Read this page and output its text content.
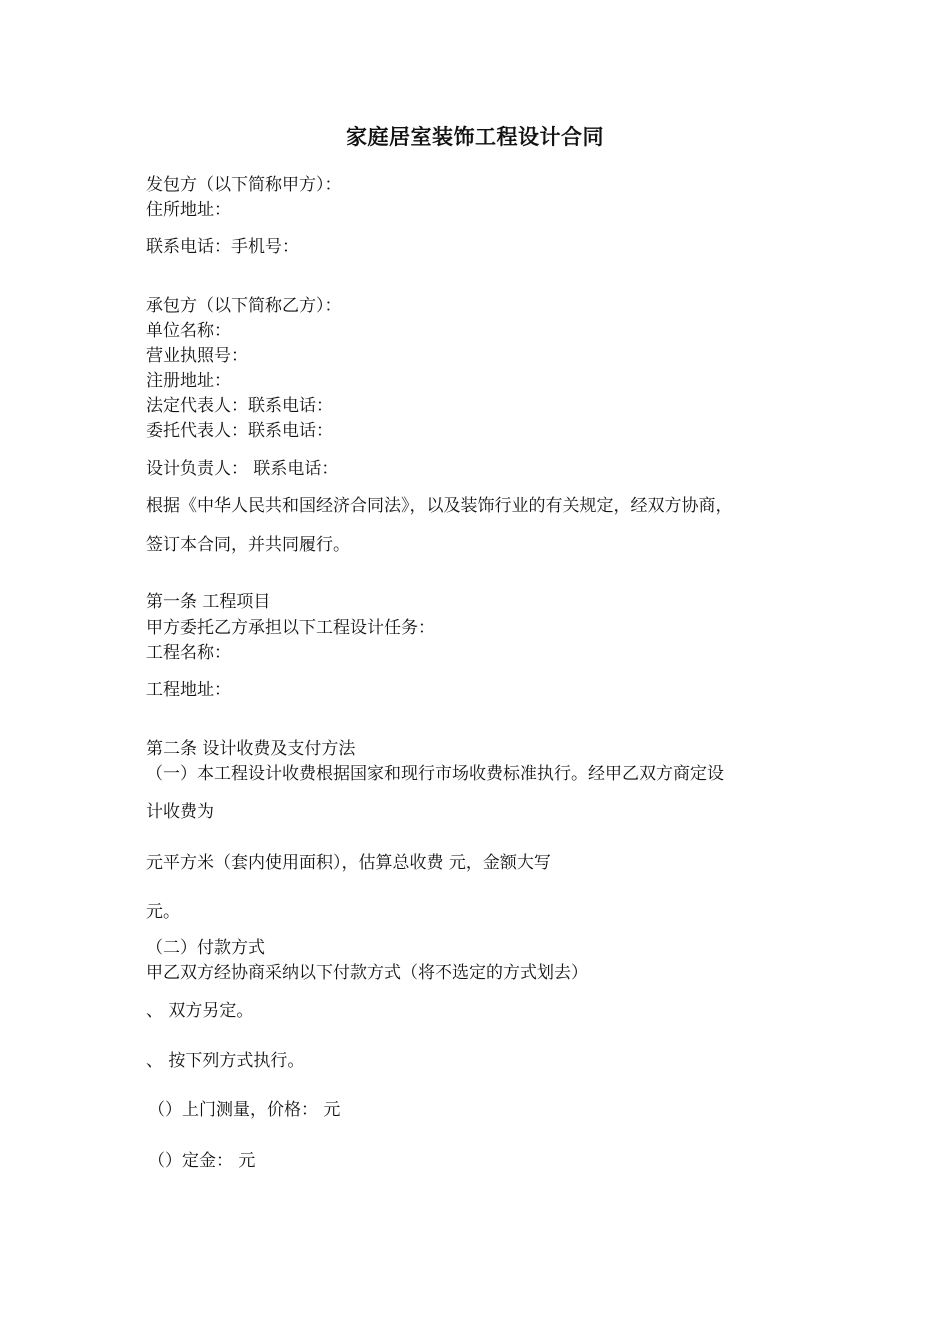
家庭居室装饰工程设计合同
发包方（以下简称甲方）：
住所地址：
联系电话：手机号：
承包方（以下简称乙方）：
单位名称：
营业执照号：
注册地址：
法定代表人：联系电话：
委托代表人：联系电话：
设计负责人： 联系电话：
根据《中华人民共和国经济合同法》，以及装饰行业的有关规定，经双方协商，
签订本合同，并共同履行。
第一条 工程项目
甲方委托乙方承担以下工程设计任务：
工程名称：
工程地址：
第二条 设计收费及支付方法
（一）本工程设计收费根据国家和现行市场收费标准执行。经甲乙双方商定设
计收费为
元平方米（套内使用面积），估算总收费 元，金额大写
元。
（二）付款方式
甲乙双方经协商采纳以下付款方式（将不选定的方式划去）
、 双方另定。
、 按下列方式执行。
（）上门测量，价格： 元
（）定金： 元
